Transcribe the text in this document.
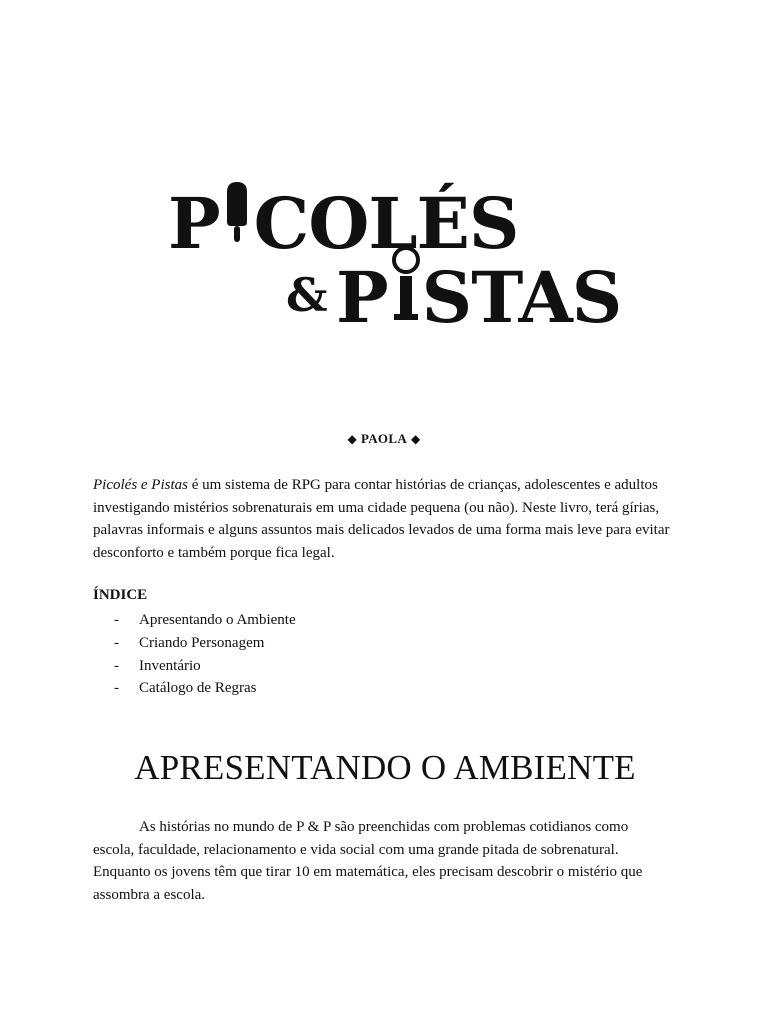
P COLÉS
& P STAS
◆ PAOLA ◆

Picolés e Pistas é um sistema de RPG para contar histórias de crianças, adolescentes e adultos investigando mistérios sobrenaturais em uma cidade pequena (ou não). Neste livro, terá gírias, palavras informais e alguns assuntos mais delicados levados de uma forma mais leve para evitar desconforto e também porque fica legal.

ÍNDICE

-	Apresentando o Ambiente
-	Criando Personagem
-	Inventário
-	Catálogo de Regras
APRESENTANDO O AMBIENTE

As histórias no mundo de P & P são preenchidas com problemas cotidianos como escola, faculdade, relacionamento e vida social com uma grande pitada de sobrenatural. Enquanto os jovens têm que tirar 10 em matemática, eles precisam descobrir o mistério que assombra a escola.
